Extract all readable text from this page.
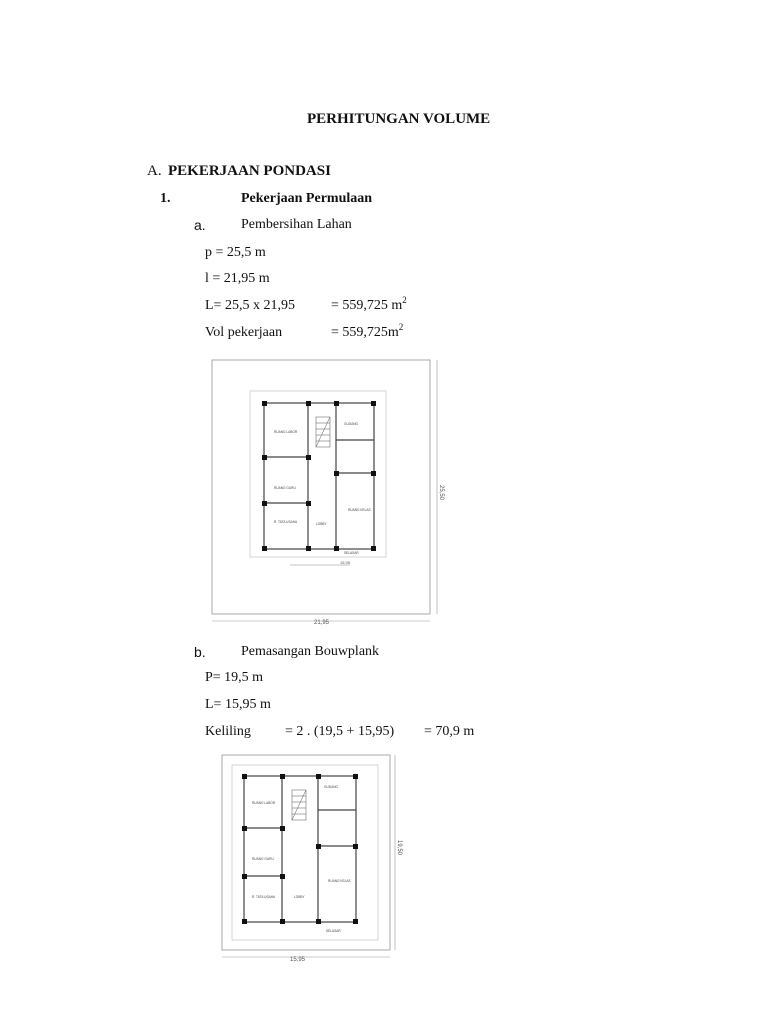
PERHITUNGAN VOLUME
A. PEKERJAAN PONDASI
1.	Pekerjaan Permulaan
a.	Pembersihan Lahan
p = 25,5 m
l = 21,95 m
L= 25,5 x 21,95	= 559,725 $m^2$
Vol pekerjaan	= $559,725m^2$
21,95
25,50
RUANG LABOR
RUANG GURU
R. TATA USAHA	LOBBY
RUANG KELAS
GUDANG
SELASAR
15,95
b.	Pemasangan Bouwplank
P= 19,5 m
L= 15,95 m
Keliling = 2 . (19,5 + 15,95) = 70,9 m
15,95
19,50
RUANG LABOR
RUANG GURU
R. TATA USAHA	LOBBY
RUANG KELAS
GUDANG
SELASAR
